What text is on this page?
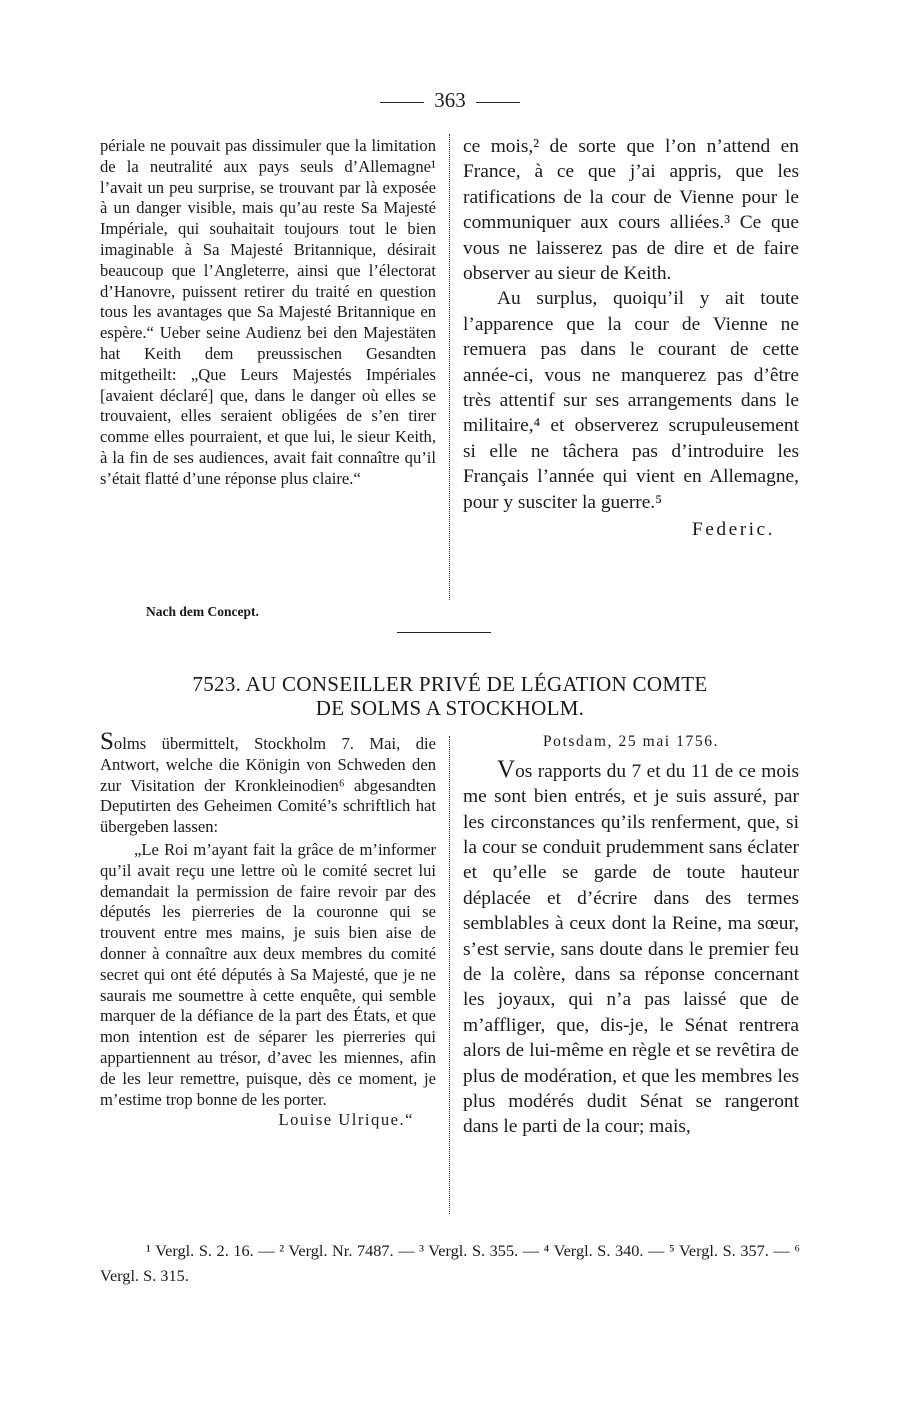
363

périale ne pouvait pas dissimuler que la limitation de la neutralité aux pays seuls d’Allemagne¹ l’avait un peu surprise, se trouvant par là exposée à un danger visible, mais qu’au reste Sa Majesté Impériale, qui souhaitait toujours tout le bien imaginable à Sa Majesté Britannique, désirait beaucoup que l’Angleterre, ainsi que l’électorat d’Hanovre, puissent retirer du traité en question tous les avantages que Sa Majesté Britannique en espère.“ Ueber seine Audienz bei den Majestäten hat Keith dem preussischen Gesandten mitgetheilt: „Que Leurs Majestés Impériales [avaient déclaré] que, dans le danger où elles se trouvaient, elles seraient obligées de s’en tirer comme elles pourraient, et que lui, le sieur Keith, à la fin de ses audiences, avait fait connaître qu’il s’était flatté d’une réponse plus claire.“

ce mois,² de sorte que l’on n’attend en France, à ce que j’ai appris, que les ratifications de la cour de Vienne pour le communiquer aux cours alliées.³ Ce que vous ne laisserez pas de dire et de faire observer au sieur de Keith.

Au surplus, quoiqu’il y ait toute l’apparence que la cour de Vienne ne remuera pas dans le courant de cette année-ci, vous ne manquerez pas d’être très attentif sur ses arrangements dans le militaire,⁴ et observerez scrupuleusement si elle ne tâchera pas d’introduire les Français l’année qui vient en Allemagne, pour y susciter la guerre.⁵

Federic.

Nach dem Concept.
7523. AU CONSEILLER PRIVÉ DE LÉGATION COMTE
DE SOLMS A STOCKHOLM.

Solms übermittelt, Stockholm 7. Mai, die Antwort, welche die Königin von Schweden den zur Visitation der Kronkleinodien⁶ abgesandten Deputirten des Geheimen Comité’s schriftlich hat übergeben lassen:

„Le Roi m’ayant fait la grâce de m’informer qu’il avait reçu une lettre où le comité secret lui demandait la permission de faire revoir par des députés les pierreries de la couronne qui se trouvent entre mes mains, je suis bien aise de donner à connaître aux deux membres du comité secret qui ont été députés à Sa Majesté, que je ne saurais me soumettre à cette enquête, qui semble marquer de la défiance de la part des États, et que mon intention est de séparer les pierreries qui appartiennent au trésor, d’avec les miennes, afin de les leur remettre, puisque, dès ce moment, je m’estime trop bonne de les porter.

Louise Ulrique.“

Potsdam, 25 mai 1756.

Vos rapports du 7 et du 11 de ce mois me sont bien entrés, et je suis assuré, par les circonstances qu’ils renferment, que, si la cour se conduit prudemment sans éclater et qu’elle se garde de toute hauteur déplacée et d’écrire dans des termes semblables à ceux dont la Reine, ma sœur, s’est servie, sans doute dans le premier feu de la colère, dans sa réponse concernant les joyaux, qui n’a pas laissé que de m’affliger, que, dis-je, le Sénat rentrera alors de lui-même en règle et se revêtira de plus de modération, et que les membres les plus modérés dudit Sénat se rangeront dans le parti de la cour; mais,

¹ Vergl. S. 2. 16. — ² Vergl. Nr. 7487. — ³ Vergl. S. 355. — ⁴ Vergl. S. 340. — ⁵ Vergl. S. 357. — ⁶ Vergl. S. 315.
